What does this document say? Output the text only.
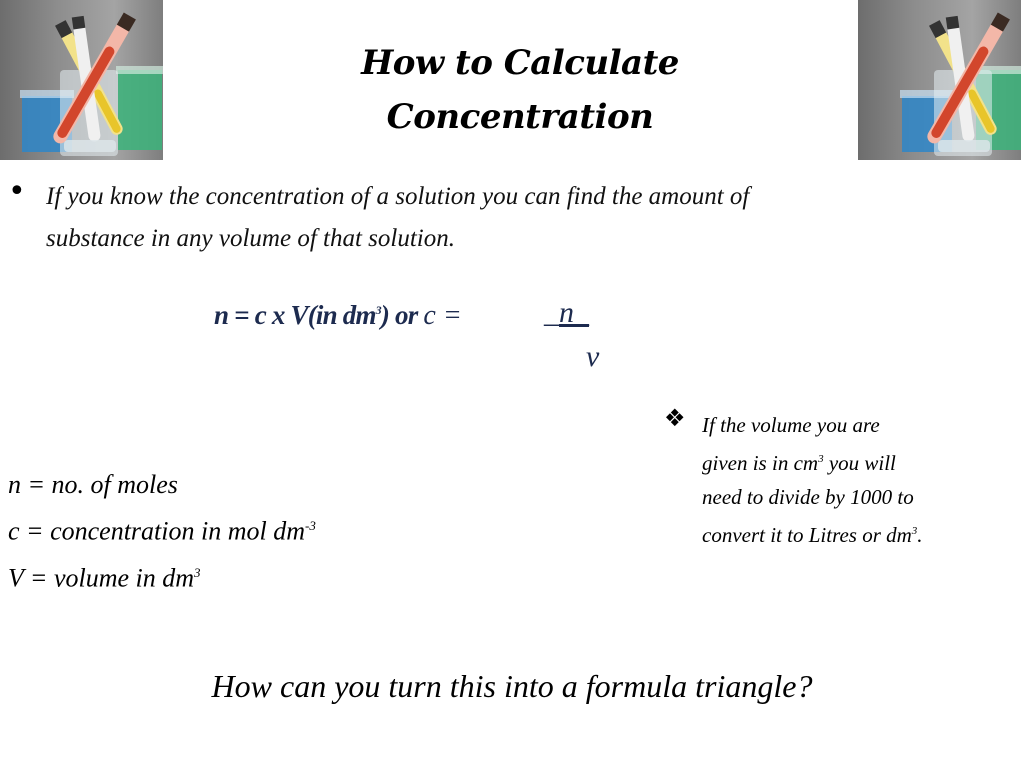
How to Calculate
Concentration
• If you know the concentration of a solution you can find the amount of
substance in any volume of that solution.
n = c x V(in $dm^3$) or c =	_n_
v
❖ If the volume you are
given is in $cm^3$ you will
need to divide by 1000 to
convert it to Litres or $dm^3$.
n = no. of moles
c = concentration in mol $dm^{-3}$
V = volume in $dm^3$
How can you turn this into a formula triangle?
